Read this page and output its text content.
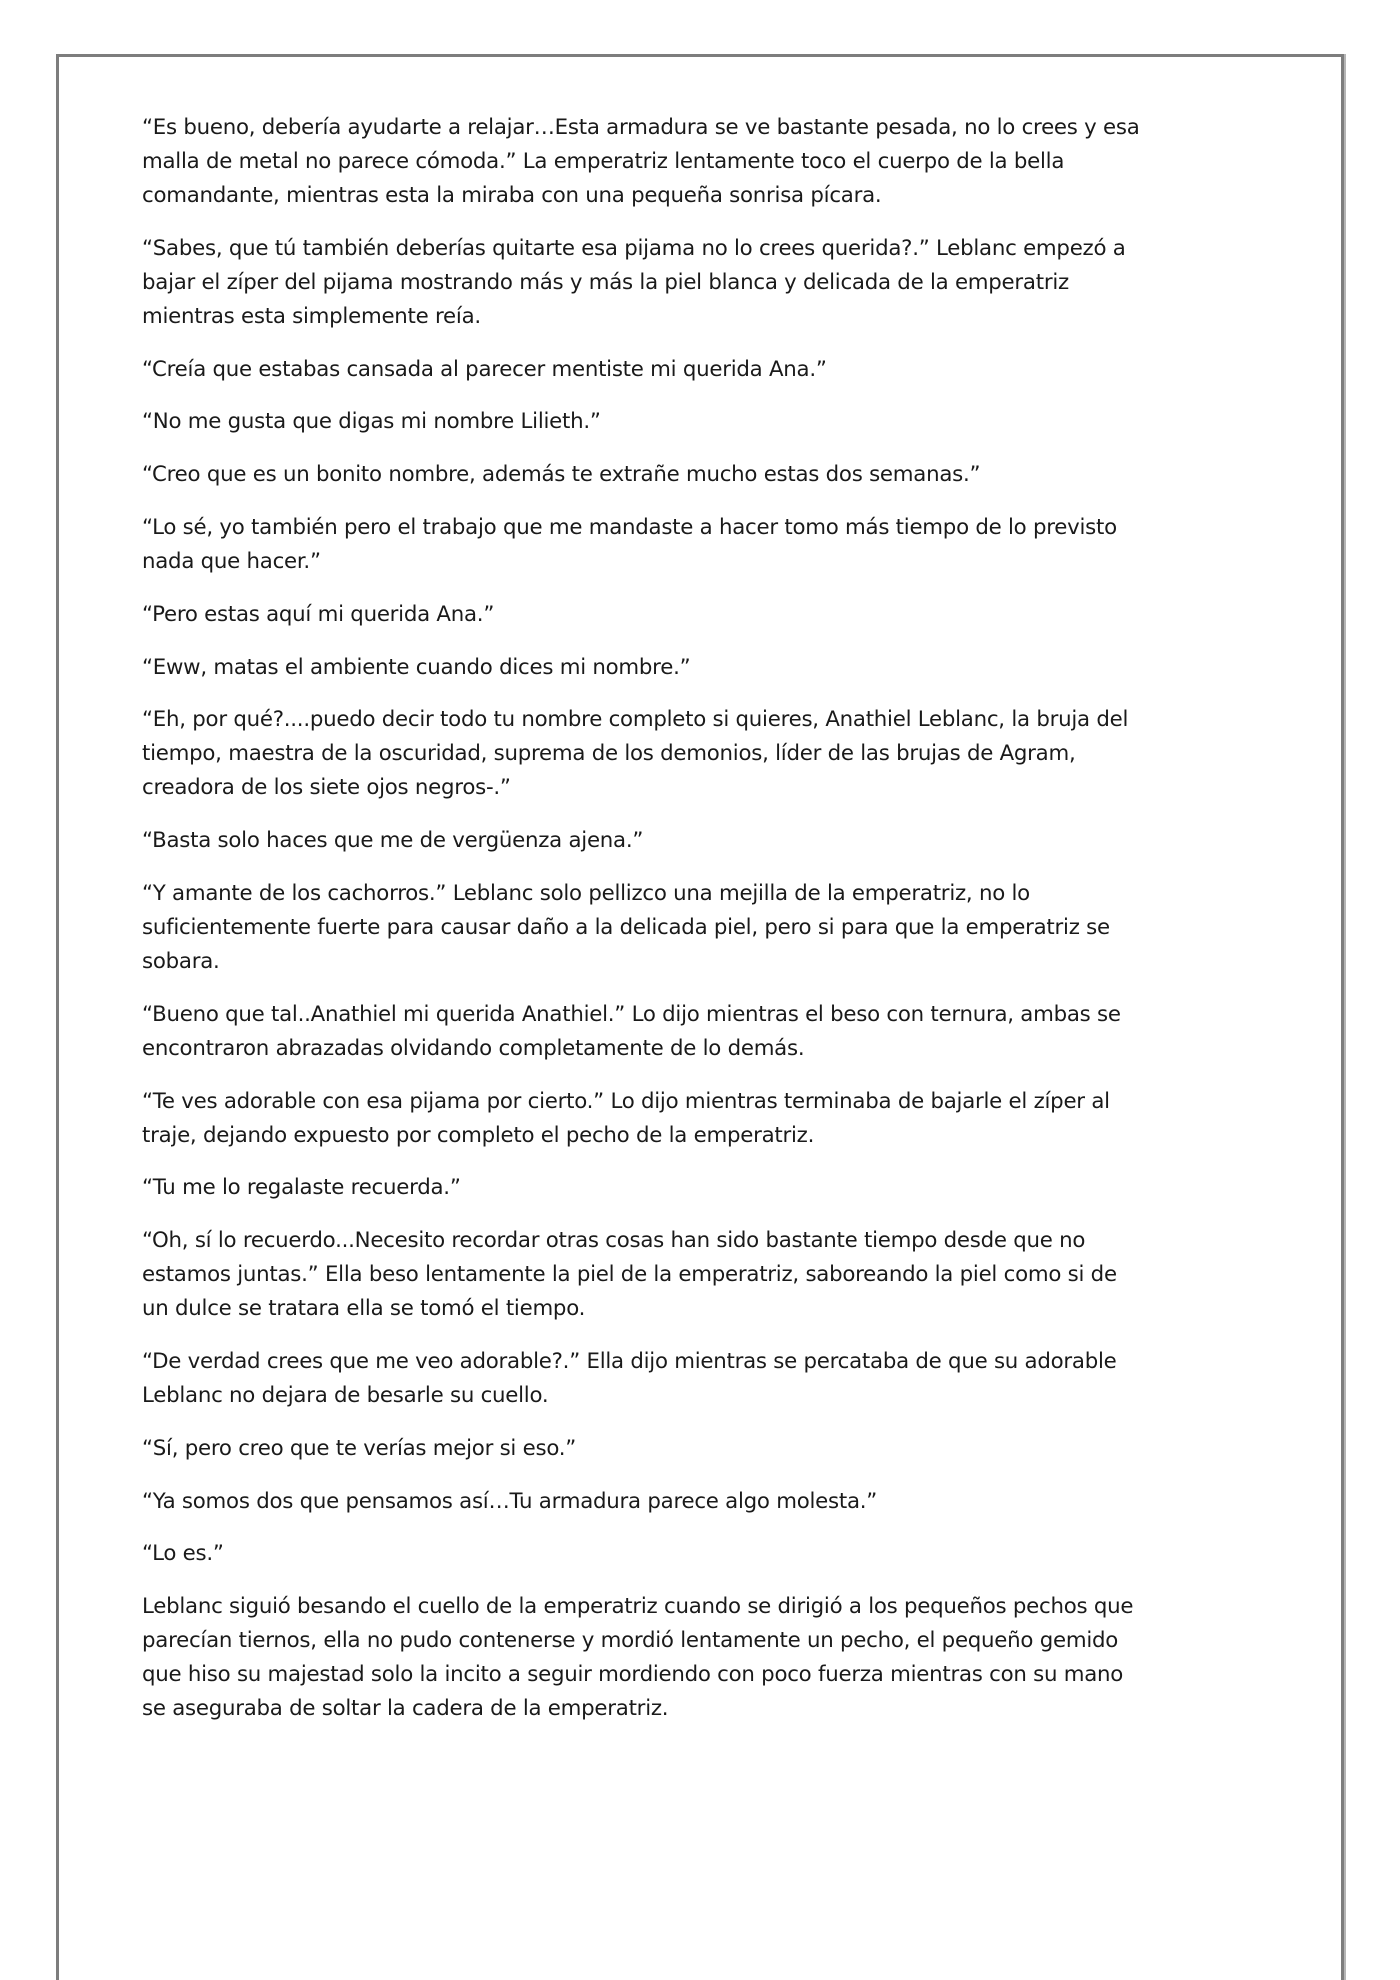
“Es bueno, debería ayudarte a relajar…Esta armadura se ve bastante pesada, no lo crees y esa malla de metal no parece cómoda.” La emperatriz lentamente toco el cuerpo de la bella comandante, mientras esta la miraba con una pequeña sonrisa pícara.

“Sabes, que tú también deberías quitarte esa pijama no lo crees querida?.” Leblanc empezó a bajar el zíper del pijama mostrando más y más la piel blanca y delicada de la emperatriz mientras esta simplemente reía.

“Creía que estabas cansada al parecer mentiste mi querida Ana.”

“No me gusta que digas mi nombre Lilieth.”

“Creo que es un bonito nombre, además te extrañe mucho estas dos semanas.”

“Lo sé, yo también pero el trabajo que me mandaste a hacer tomo más tiempo de lo previsto nada que hacer.”

“Pero estas aquí mi querida Ana.”

“Eww, matas el ambiente cuando dices mi nombre.”

“Eh, por qué?....puedo decir todo tu nombre completo si quieres, Anathiel Leblanc, la bruja del tiempo, maestra de la oscuridad, suprema de los demonios, líder de las brujas de Agram, creadora de los siete ojos negros-.”

“Basta solo haces que me de vergüenza ajena.”

“Y amante de los cachorros.” Leblanc solo pellizco una mejilla de la emperatriz, no lo suficientemente fuerte para causar daño a la delicada piel, pero si para que la emperatriz se sobara.

“Bueno que tal..Anathiel mi querida Anathiel.” Lo dijo mientras el beso con ternura, ambas se encontraron abrazadas olvidando completamente de lo demás.

“Te ves adorable con esa pijama por cierto.” Lo dijo mientras terminaba de bajarle el zíper al traje, dejando expuesto por completo el pecho de la emperatriz.

“Tu me lo regalaste recuerda.”

“Oh, sí lo recuerdo...Necesito recordar otras cosas han sido bastante tiempo desde que no estamos juntas.” Ella beso lentamente la piel de la emperatriz, saboreando la piel como si de un dulce se tratara ella se tomó el tiempo.

“De verdad crees que me veo adorable?.” Ella dijo mientras se percataba de que su adorable Leblanc no dejara de besarle su cuello.

“Sí, pero creo que te verías mejor si eso.”

“Ya somos dos que pensamos así…Tu armadura parece algo molesta.”

“Lo es.”

Leblanc siguió besando el cuello de la emperatriz cuando se dirigió a los pequeños pechos que parecían tiernos, ella no pudo contenerse y mordió lentamente un pecho, el pequeño gemido que hiso su majestad solo la incito a seguir mordiendo con poco fuerza mientras con su mano se aseguraba de soltar la cadera de la emperatriz.
